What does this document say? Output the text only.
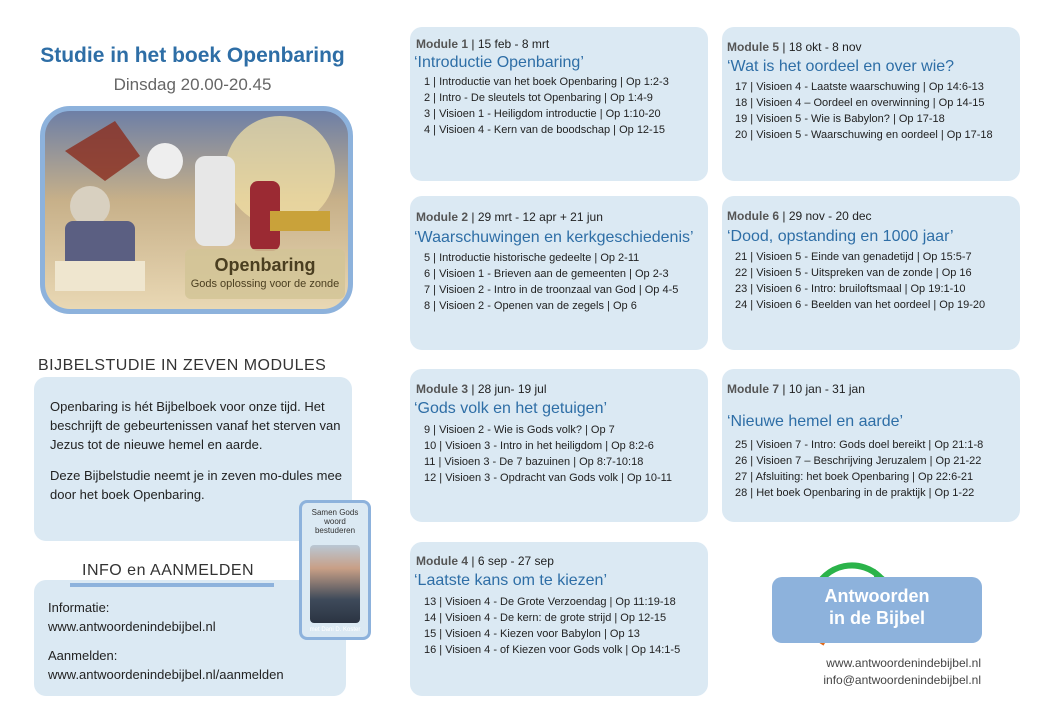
Studie in het boek Openbaring
Dinsdag 20.00-20.45
Openbaring
Gods oplossing voor de zonde
BIJBELSTUDIE IN ZEVEN MODULES

Openbaring is hét Bijbelboek voor onze tijd. Het beschrijft de gebeurtenissen vanaf het sterven van Jezus tot de nieuwe hemel en aarde.

Deze Bijbelstudie neemt je in zeven mo-dules mee door het boek Openbaring.

Informatie:
www.antwoordenindebijbel.nl

Aanmelden:
www.antwoordenindebijbel.nl/aanmelden

INFO en AANMELDEN
Samen Gods woord bestuderen
met Dani D. Koster
Module 1 | 15 feb - 8 mrt
‘Introductie Openbaring’
1 | Introductie van het boek Openbaring | Op 1:2-3
2 | Intro - De sleutels tot Openbaring | Op 1:4-9
3 | Visioen 1 - Heiligdom introductie | Op 1:10-20
4 | Visioen 4 - Kern van de boodschap | Op 12-15
Module 2 | 29 mrt - 12 apr + 21 jun
‘Waarschuwingen en kerkgeschiedenis’
5 | Introductie historische gedeelte | Op 2-11
6 | Visioen 1 - Brieven aan de gemeenten | Op 2-3
7 | Visioen 2 - Intro in de troonzaal van God | Op 4-5
8 | Visioen 2 - Openen van de zegels | Op 6
Module 3 | 28 jun- 19 jul
‘Gods volk en het getuigen’
9 | Visioen 2 - Wie is Gods volk? | Op 7
10 | Visioen 3 - Intro in het heiligdom | Op 8:2-6
11 | Visioen 3 - De 7 bazuinen | Op 8:7-10:18
12 | Visioen 3 - Opdracht van Gods volk | Op 10-11
Module 4 | 6 sep - 27 sep
‘Laatste kans om te kiezen’
13 | Visioen 4 - De Grote Verzoendag | Op 11:19-18
14 | Visioen 4 - De kern: de grote strijd | Op 12-15
15 | Visioen 4 - Kiezen voor Babylon | Op 13
16 | Visioen 4 - of Kiezen voor Gods volk | Op 14:1-5
Module 5 | 18 okt - 8 nov
‘Wat is het oordeel en over wie?
17 | Visioen 4 - Laatste waarschuwing | Op 14:6-13
18 | Visioen 4 – Oordeel en overwinning | Op 14-15
19 | Visioen 5 - Wie is Babylon? | Op 17-18
20 | Visioen 5 - Waarschuwing en oordeel | Op 17-18
Module 6 | 29 nov - 20 dec
‘Dood, opstanding en 1000 jaar’
21 | Visioen 5 - Einde van genadetijd | Op 15:5-7
22 | Visioen 5 - Uitspreken van de zonde | Op 16
23 | Visioen 6 - Intro: bruiloftsmaal | Op 19:1-10
24 | Visioen 6 - Beelden van het oordeel | Op 19-20
Module 7 | 10 jan - 31 jan
‘Nieuwe hemel en aarde’
25 | Visioen 7 - Intro: Gods doel bereikt | Op 21:1-8
26 | Visioen 7 – Beschrijving Jeruzalem | Op 21-22
27 | Afsluiting: het boek Openbaring | Op 22:6-21
28 | Het boek Openbaring in de praktijk | Op 1-22
Antwoorden
in de Bijbel
www.antwoordenindebijbel.nl
info@antwoordenindebijbel.nl
